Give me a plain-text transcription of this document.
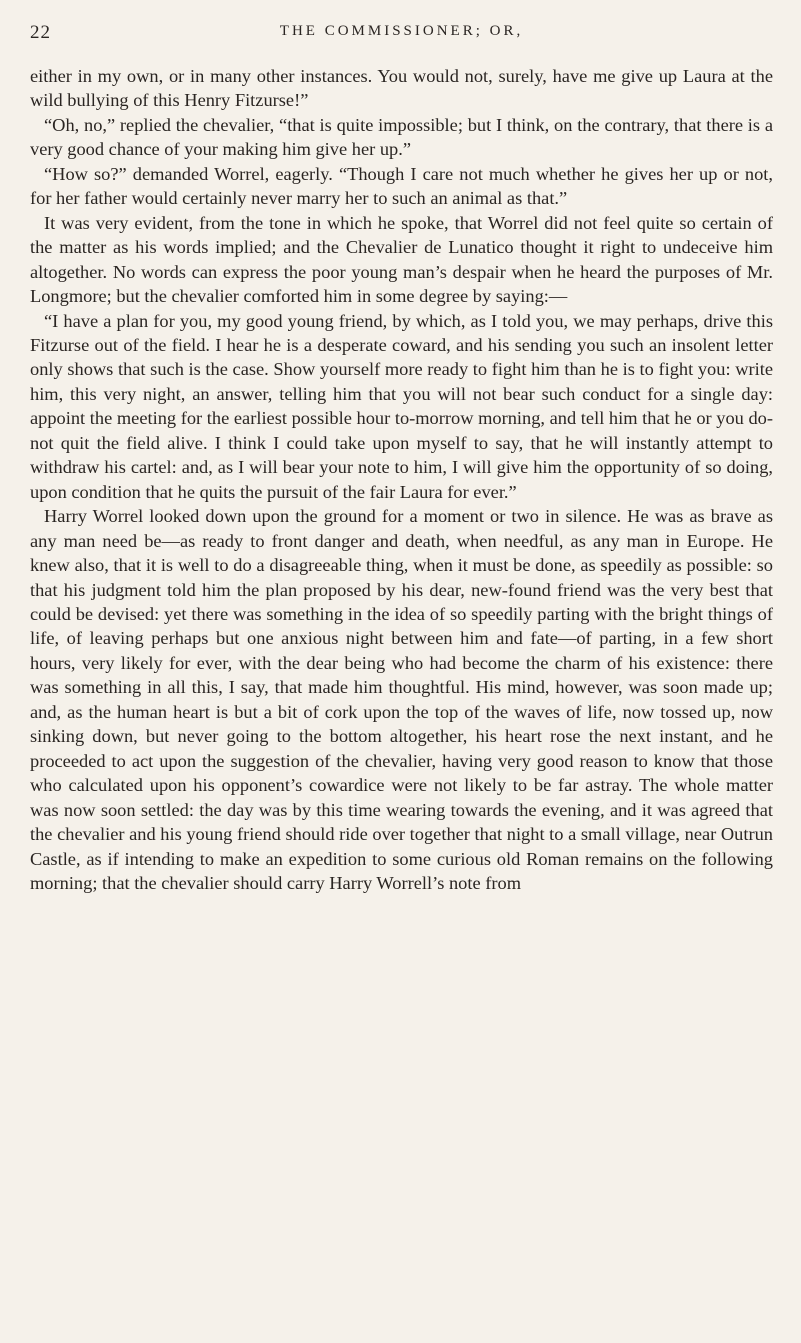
22	THE COMMISSIONER; OR,

either in my own, or in many other instances. You would not, surely, have me give up Laura at the wild bullying of this Henry Fitzurse!”

“Oh, no,” replied the chevalier, “that is quite impossible; but I think, on the contrary, that there is a very good chance of your making him give her up.”

“How so?” demanded Worrel, eagerly. “Though I care not much whether he gives her up or not, for her father would certainly never marry her to such an animal as that.”

It was very evident, from the tone in which he spoke, that Worrel did not feel quite so certain of the matter as his words implied; and the Chevalier de Lunatico thought it right to undeceive him altogether. No words can express the poor young man’s despair when he heard the purposes of Mr. Longmore; but the chevalier comforted him in some degree by saying:—

“I have a plan for you, my good young friend, by which, as I told you, we may perhaps, drive this Fitzurse out of the field. I hear he is a desperate coward, and his sending you such an insolent letter only shows that such is the case. Show yourself more ready to fight him than he is to fight you: write him, this very night, an answer, telling him that you will not bear such conduct for a single day: appoint the meeting for the earliest possible hour to-morrow morning, and tell him that he or you do-not quit the field alive. I think I could take upon myself to say, that he will instantly attempt to withdraw his cartel: and, as I will bear your note to him, I will give him the opportunity of so doing, upon condition that he quits the pursuit of the fair Laura for ever.”

Harry Worrel looked down upon the ground for a moment or two in silence. He was as brave as any man need be—as ready to front danger and death, when needful, as any man in Europe. He knew also, that it is well to do a disagreeable thing, when it must be done, as speedily as possible: so that his judgment told him the plan proposed by his dear, new-found friend was the very best that could be devised: yet there was something in the idea of so speedily parting with the bright things of life, of leaving perhaps but one anxious night between him and fate—of parting, in a few short hours, very likely for ever, with the dear being who had become the charm of his existence: there was something in all this, I say, that made him thoughtful. His mind, however, was soon made up; and, as the human heart is but a bit of cork upon the top of the waves of life, now tossed up, now sinking down, but never going to the bottom altogether, his heart rose the next instant, and he proceeded to act upon the suggestion of the chevalier, having very good reason to know that those who calculated upon his opponent’s cowardice were not likely to be far astray. The whole matter was now soon settled: the day was by this time wearing towards the evening, and it was agreed that the chevalier and his young friend should ride over together that night to a small village, near Outrun Castle, as if intending to make an expedition to some curious old Roman remains on the following morning; that the chevalier should carry Harry Worrell’s note from
